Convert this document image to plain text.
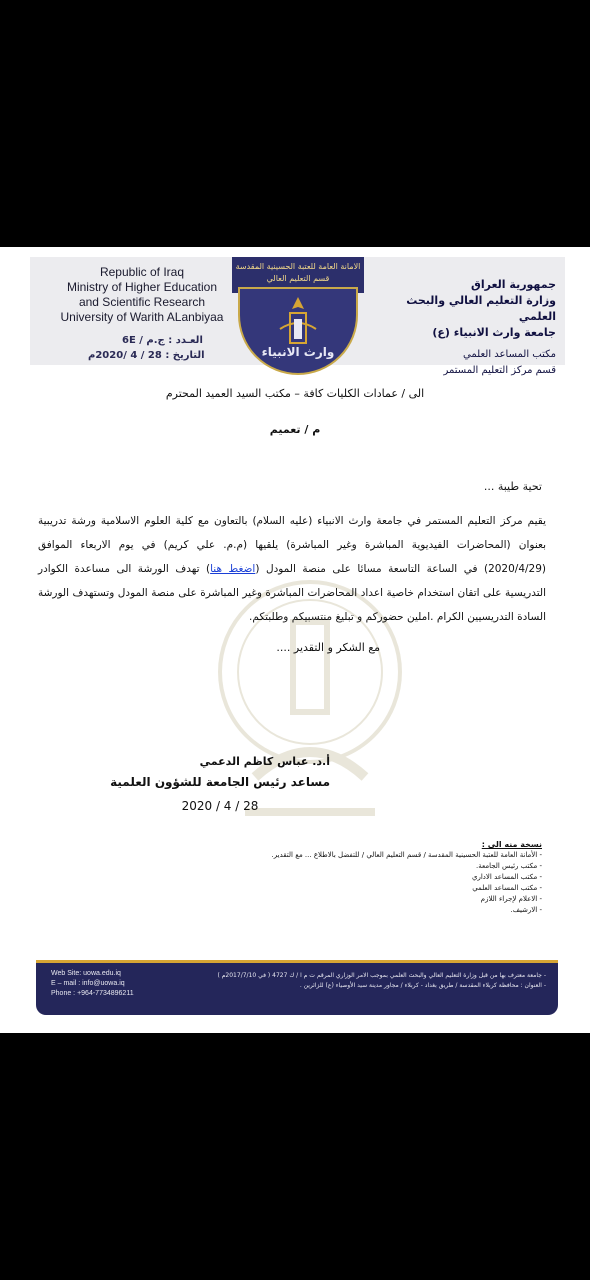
Republic of Iraq
Ministry of Higher Education
and Scientific Research
University of Warith ALanbiyaa
العـدد : ج.م / 6E
التاريخ : 28 / 4 /2020م
الامانة العامة للعتبة الحسينية المقدسة
قسم التعليم العالي
وارث الانبياء
جمهورية العراق
وزارة التعليم العالي والبحث العلمي
جامعة وارث الانبياء (ع)
مكتب المساعد العلمي
قسم مركز التعليم المستمر
الى / عمادات الكليات كافة – مكتب السيد العميد المحترم
م / تعميم
تحية طيبة ...
يقيم مركز التعليم المستمر في جامعة وارث الانبياء (عليه السلام) بالتعاون مع كلية العلوم الاسلامية ورشة تدريبية بعنوان (المحاضرات الفيديوية المباشرة وغير المباشرة) يلقيها (م.م. علي كريم) في يوم الاربعاء الموافق (2020/4/29) في الساعة التاسعة مسائا على منصة المودل (اضغط هنا) تهدف الورشة الى مساعدة الكوادر التدريسية على اتقان استخدام خاصية اعداد المحاضرات المباشرة وغير المباشرة على منصة المودل وتستهدف الورشة السادة التدريسيين الكرام .املين حضوركم و تبليغ منتسبيكم وطلبتكم.
مع الشكر و التقدير ....
أ.د. عباس كاظم الدعمي
مساعد رئيس الجامعة للشؤون العلمية
2020 / 4 / 28
نسخة منه الى :
- الأمانة العامة للعتبة الحسينية المقدسة / قسم التعليم العالي / للتفضل بالاطلاع ... مع التقدير.
- مكتب رئيس الجامعة.
- مكتب المساعد الاداري
- مكتب المساعد العلمي
- الاعلام لإجراء اللازم
- الارشيف.
Web Site: uowa.edu.iq
E – mail : info@uowa.iq
Phone : +964-7734896211
- جامعة معترف بها من قبل وزارة التعليم العالي والبحث العلمي بموجب الامر الوزاري المرقم ت م ا / ك 4727 ( في 2017/7/10م )
- العنوان : محافظة كربلاء المقدسة / طريق بغداد - كربلاء / مجاور مدينة سيد الأوصياء (ع) للزائرين .
